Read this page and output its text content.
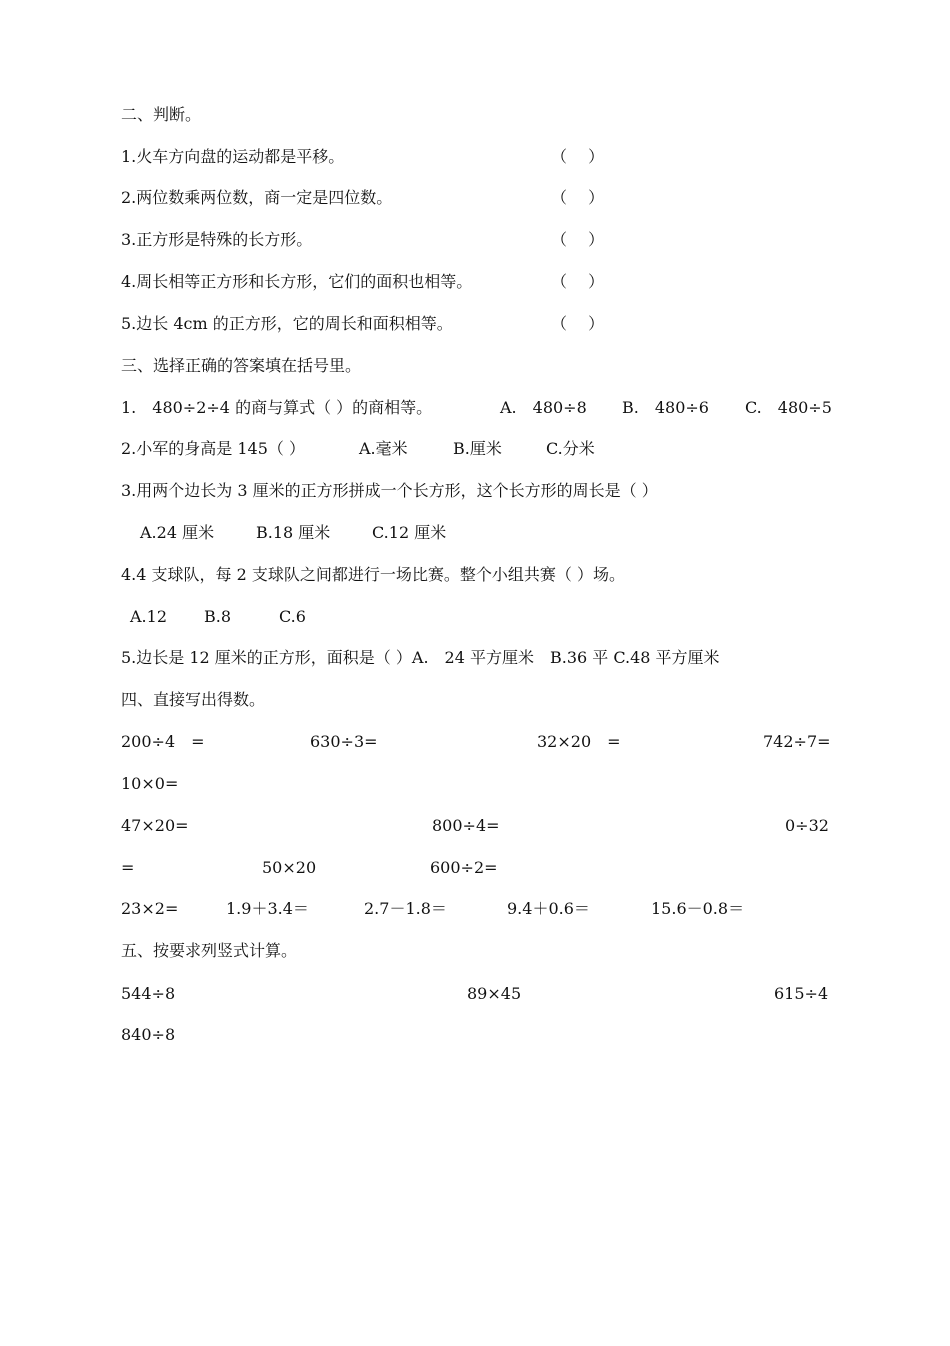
二、判断。
1.火车方向盘的运动都是平移。	（　 ）
2.两位数乘两位数，商一定是四位数。	（　 ）
3.正方形是特殊的长方形。	（　 ）
4.周长相等正方形和长方形，它们的面积也相等。	（　 ）
5.边长 4cm 的正方形，它的周长和面积相等。	（　 ）
三、选择正确的答案填在括号里。
1.　480÷2÷4 的商与算式（ ）的商相等。	A.　480÷8 B.　480÷6 C.　480÷5
2.小军的身高是 145（ ）	A.毫米	B.厘米	C.分米
3.用两个边长为 3 厘米的正方形拼成一个长方形，这个长方形的周长是（ ）
A.24 厘米	B.18 厘米	C.12 厘米
4.4 支球队，每 2 支球队之间都进行一场比赛。整个小组共赛（ ）场。
A.12 B.8	C.6
5.边长是 12 厘米的正方形，面积是（ ）A.　24 平方厘米　B.36 平 C.48 平方厘米
四、直接写出得数。
200÷4　=	630÷3=	32×20　=	742÷7=
10×0=
47×20=	800÷4=	0÷32
=	50×20	600÷2=
23×2=	1.9＋3.4＝	2.7－1.8＝	9.4＋0.6＝	15.6－0.8＝
五、按要求列竖式计算。
544÷8	89×45	615÷4
840÷8
